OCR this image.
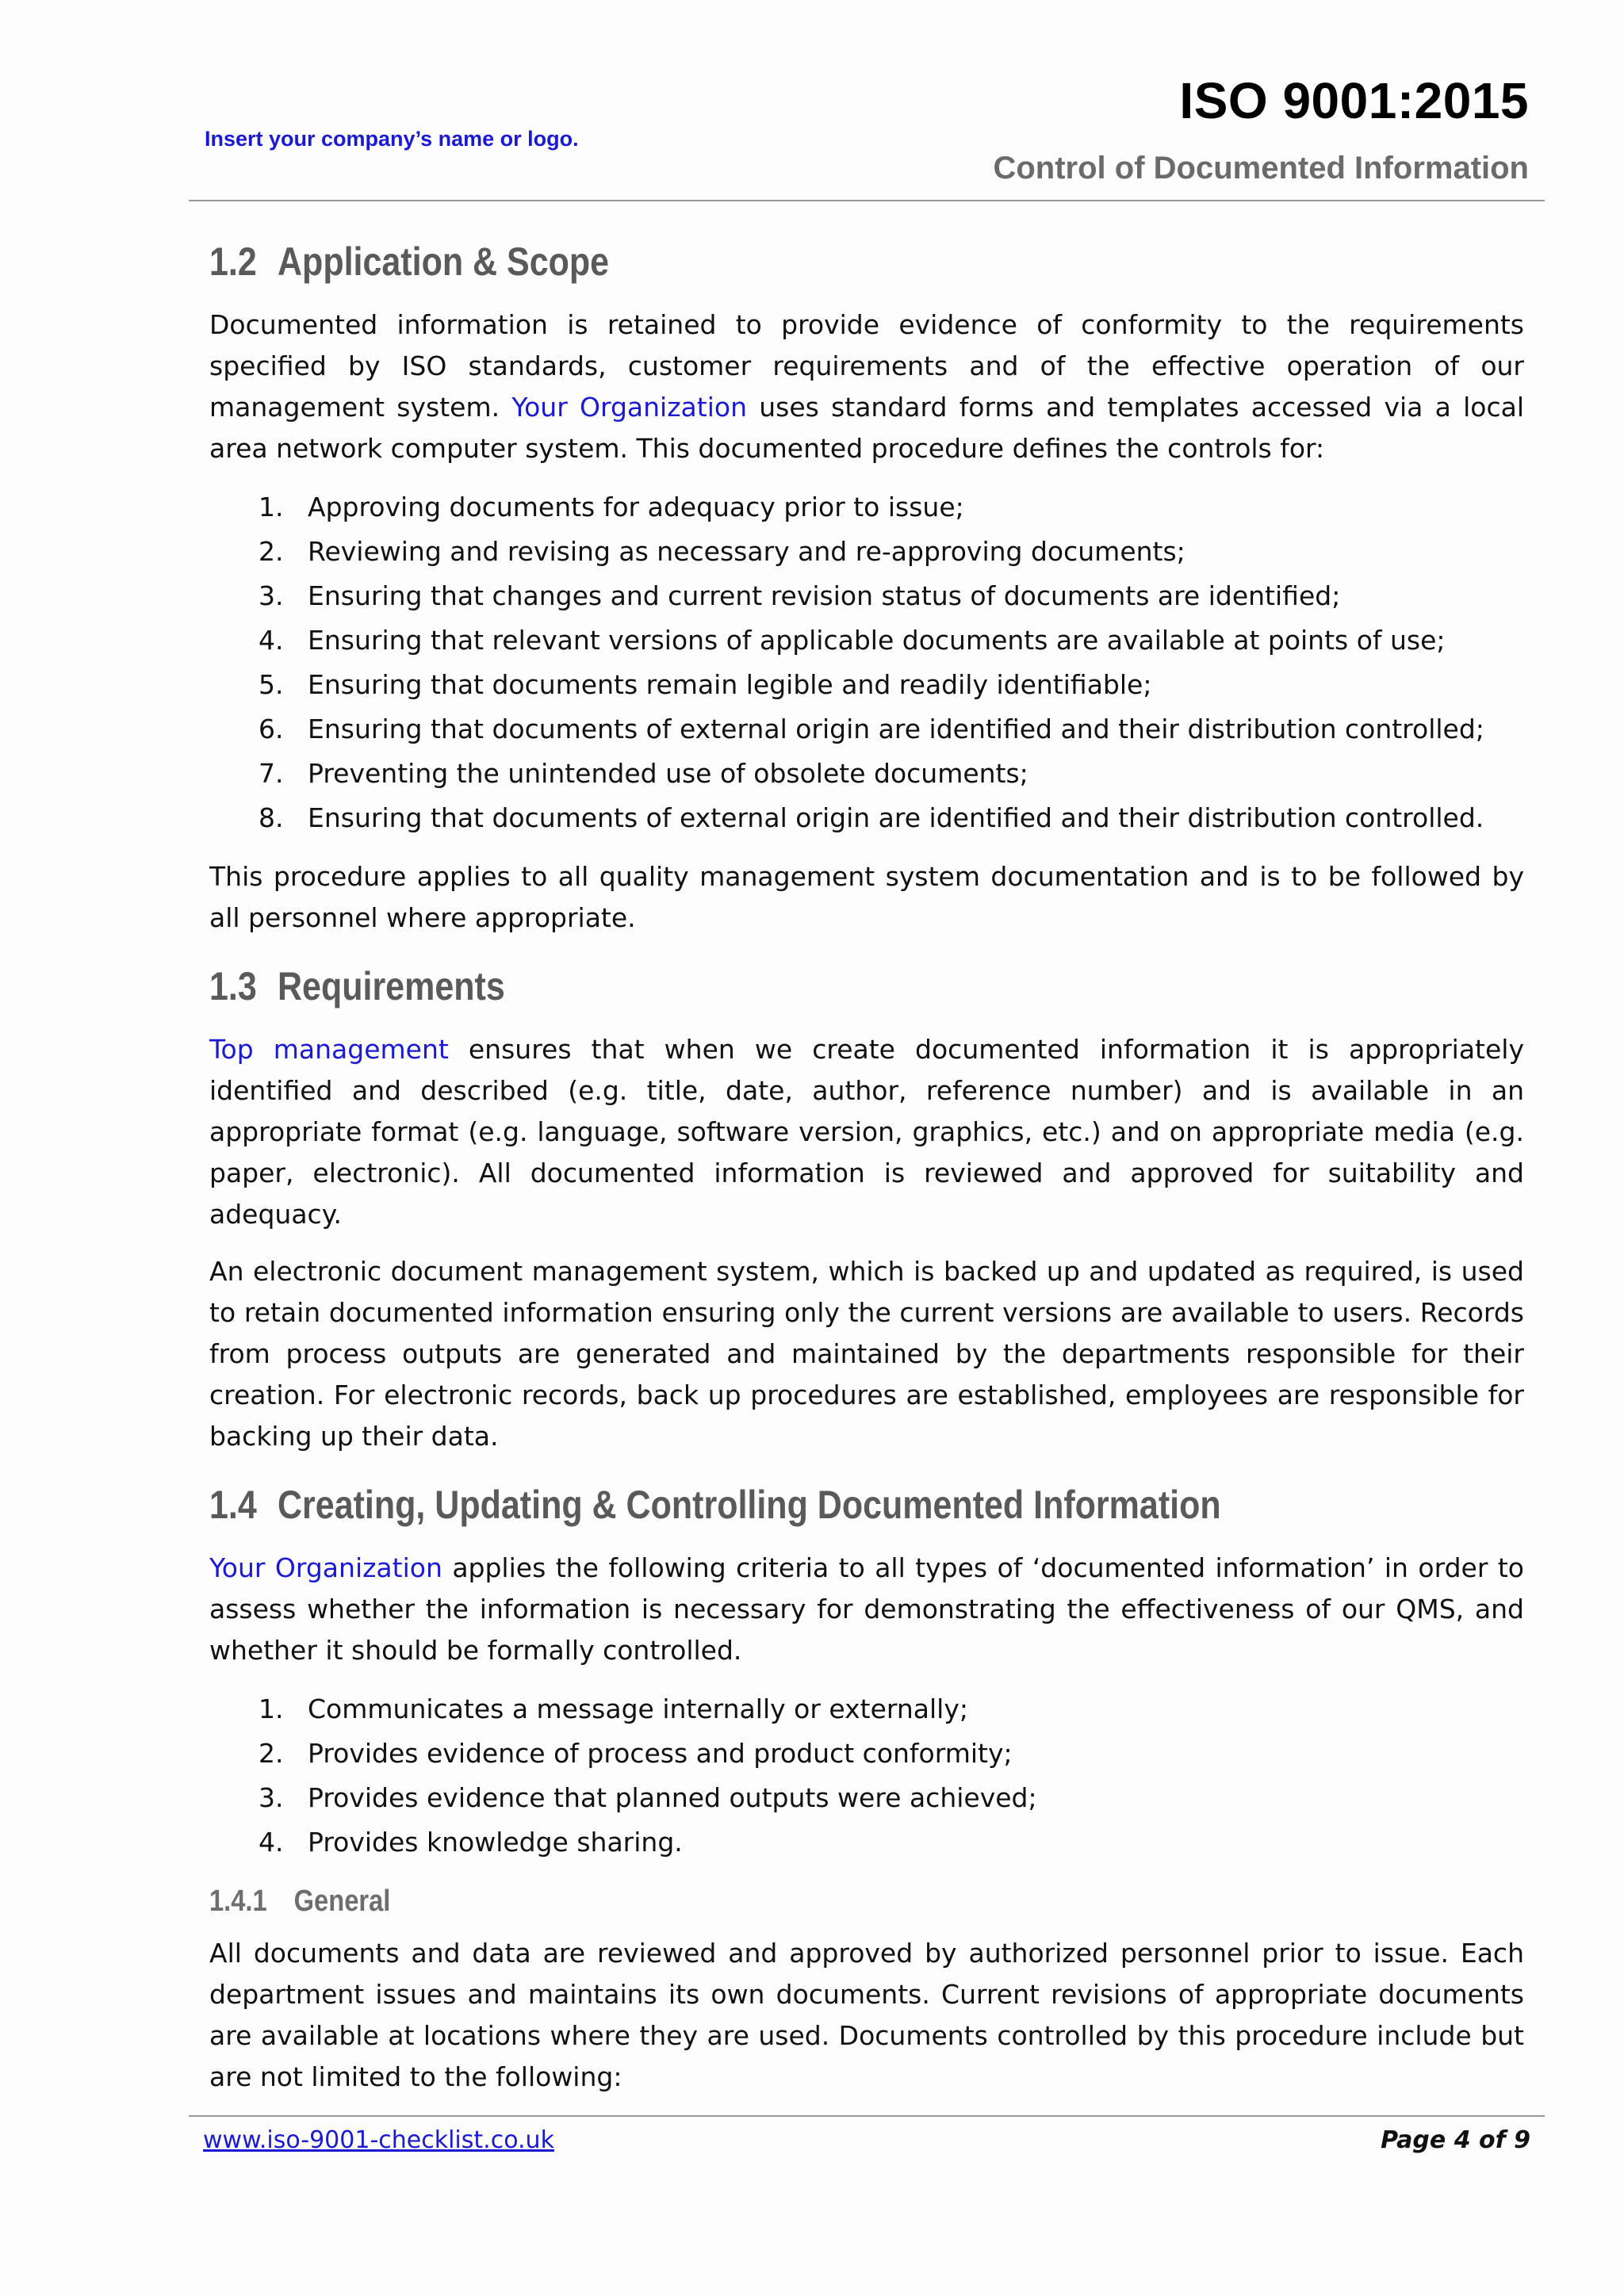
Insert your company’s name or logo.
ISO 9001:2015
Control of Documented Information
1.2 Application & Scope

Documented information is retained to provide evidence of conformity to the requirements specified by ISO standards, customer requirements and of the effective operation of our management system. Your Organization uses standard forms and templates accessed via a local area network computer system. This documented procedure defines the controls for:

1. Approving documents for adequacy prior to issue;
2. Reviewing and revising as necessary and re-approving documents;
3. Ensuring that changes and current revision status of documents are identified;
4. Ensuring that relevant versions of applicable documents are available at points of use;
5. Ensuring that documents remain legible and readily identifiable;
6. Ensuring that documents of external origin are identified and their distribution controlled;
7. Preventing the unintended use of obsolete documents;
8. Ensuring that documents of external origin are identified and their distribution controlled.

This procedure applies to all quality management system documentation and is to be followed by all personnel where appropriate.

1.3 Requirements

Top management ensures that when we create documented information it is appropriately identified and described (e.g. title, date, author, reference number) and is available in an appropriate format (e.g. language, software version, graphics, etc.) and on appropriate media (e.g. paper, electronic). All documented information is reviewed and approved for suitability and adequacy.

An electronic document management system, which is backed up and updated as required, is used to retain documented information ensuring only the current versions are available to users. Records from process outputs are generated and maintained by the departments responsible for their creation. For electronic records, back up procedures are established, employees are responsible for backing up their data.

1.4 Creating, Updating & Controlling Documented Information

Your Organization applies the following criteria to all types of ‘documented information’ in order to assess whether the information is necessary for demonstrating the effectiveness of our QMS, and whether it should be formally controlled.

1. Communicates a message internally or externally;
2. Provides evidence of process and product conformity;
3. Provides evidence that planned outputs were achieved;
4. Provides knowledge sharing.
1.4.1 General

All documents and data are reviewed and approved by authorized personnel prior to issue. Each department issues and maintains its own documents. Current revisions of appropriate documents are available at locations where they are used. Documents controlled by this procedure include but are not limited to the following:

www.iso-9001-checklist.co.uk	Page 4 of 9
